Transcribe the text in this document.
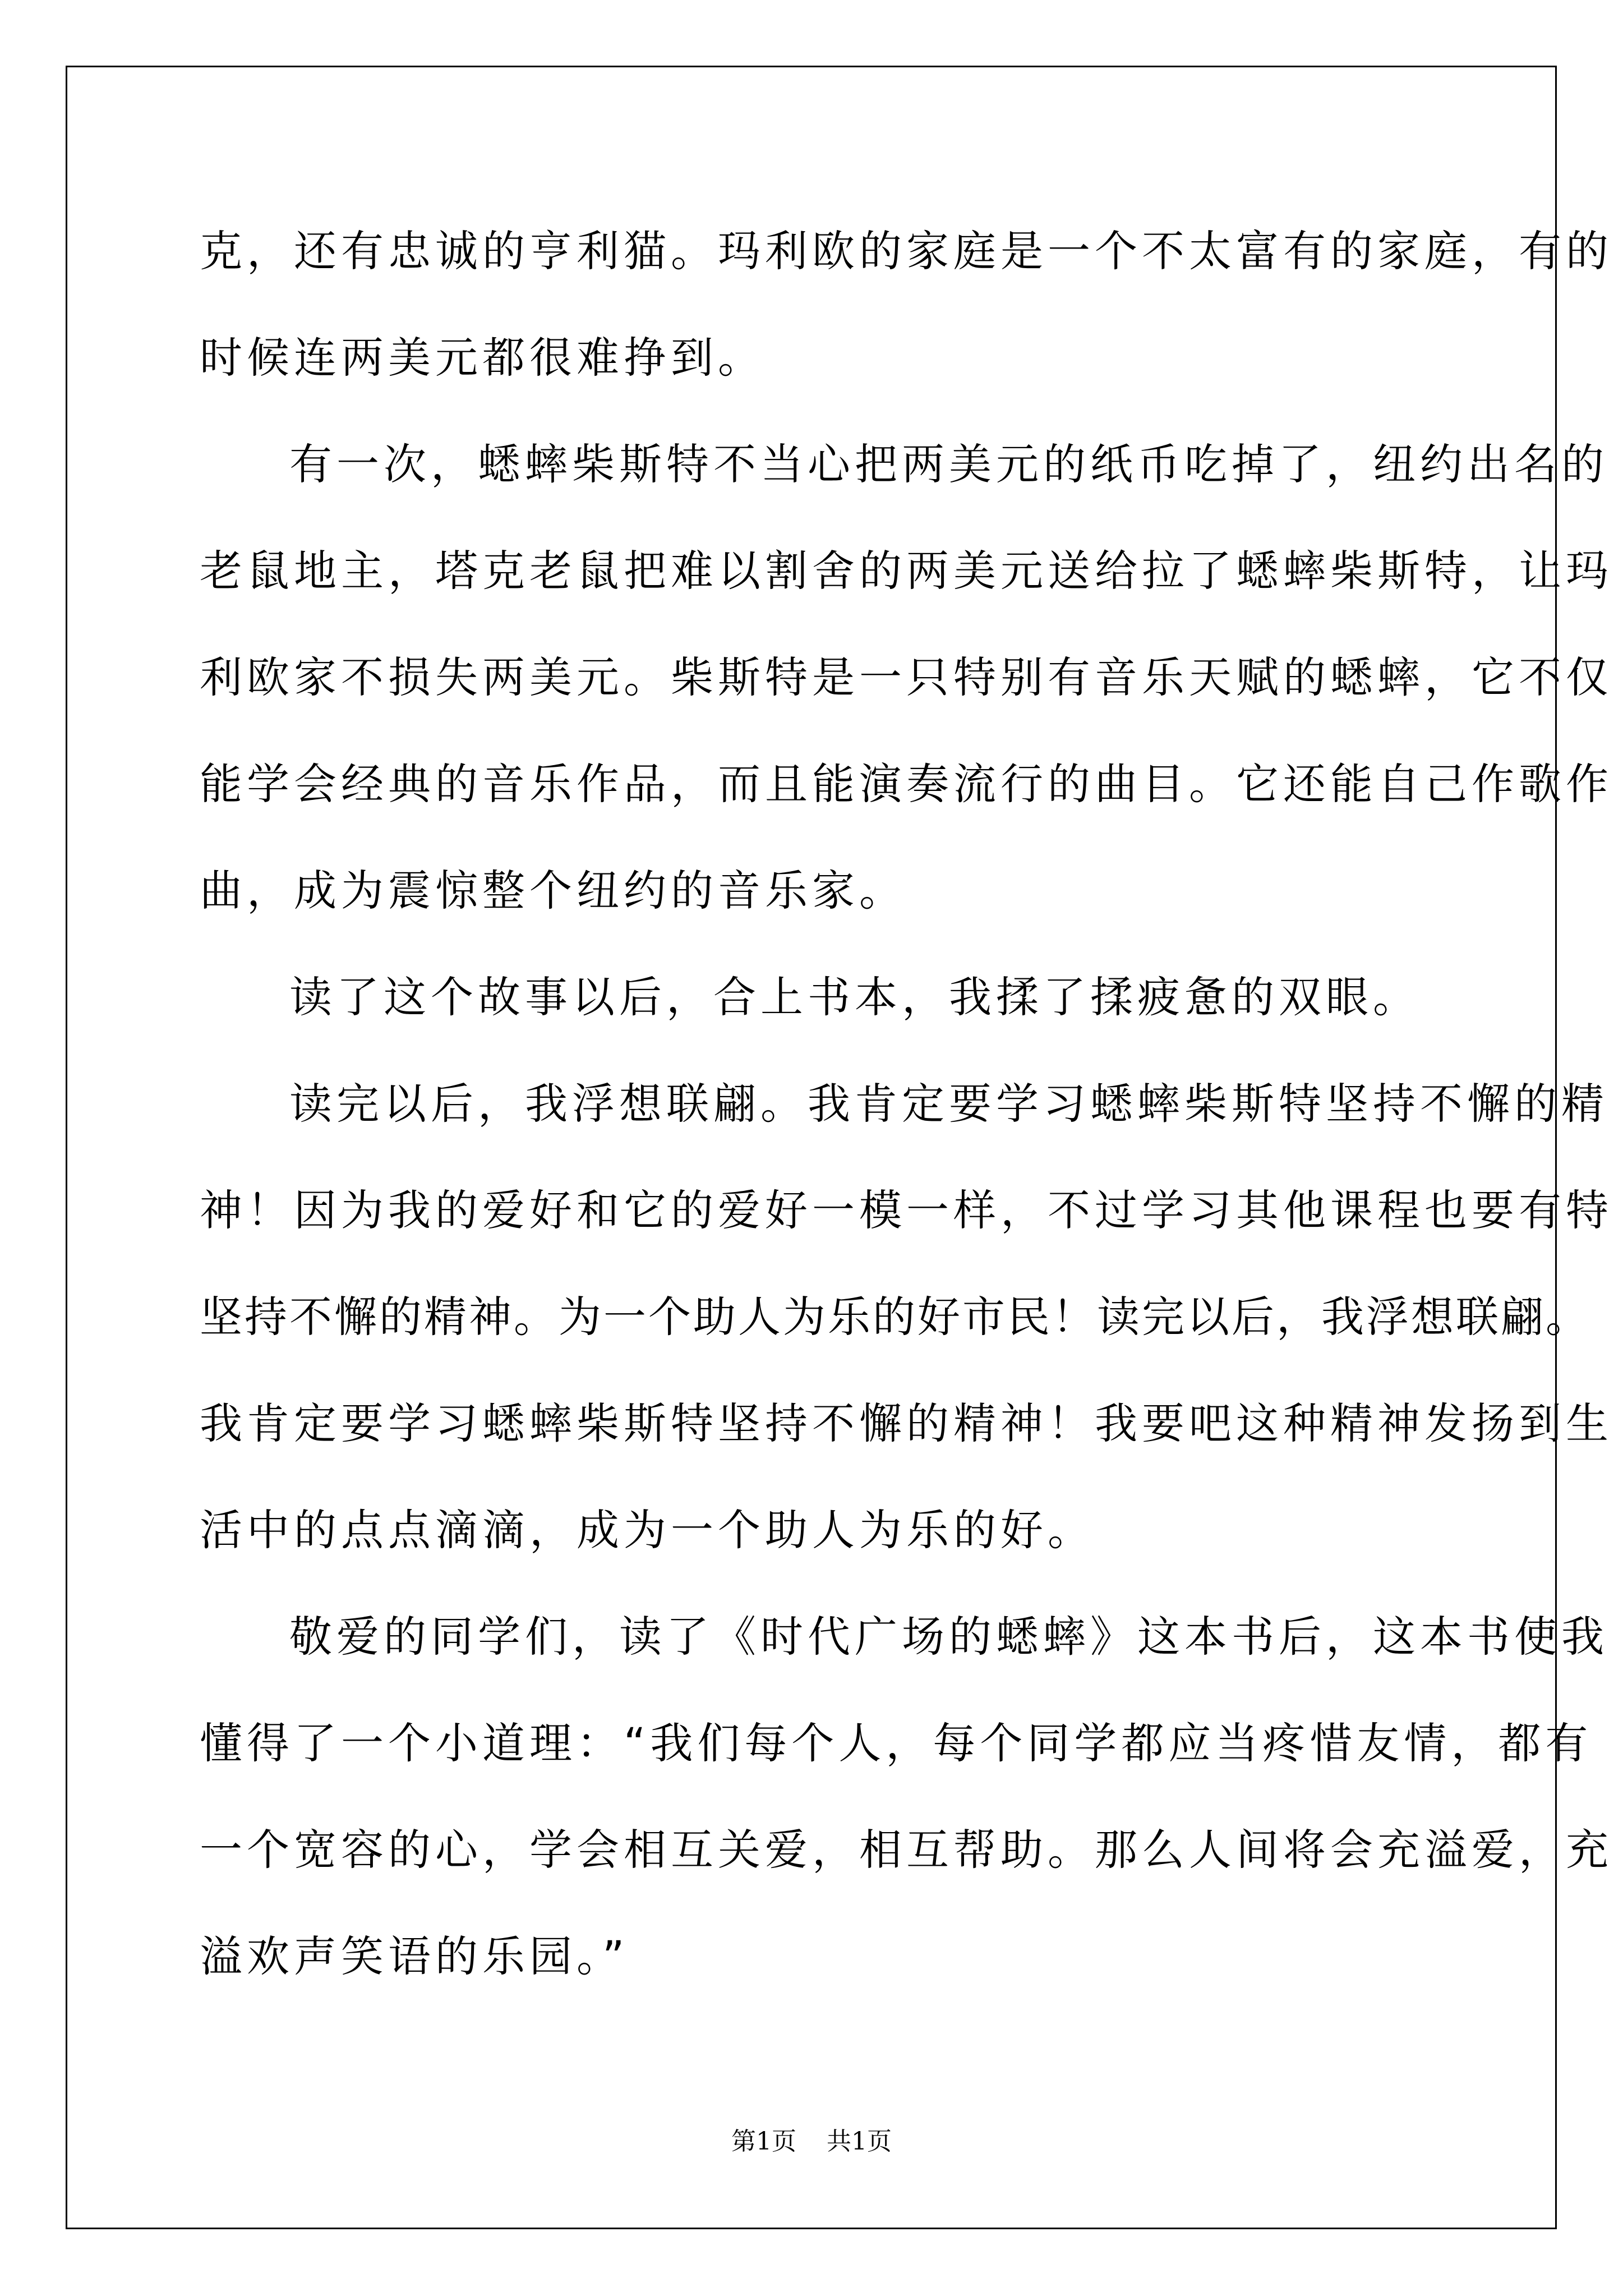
克，还有忠诚的亨利猫。玛利欧的家庭是一个不太富有的家庭，有的
时候连两美元都很难挣到。
有一次，蟋蟀柴斯特不当心把两美元的纸币吃掉了，纽约出名的
老鼠地主，塔克老鼠把难以割舍的两美元送给拉了蟋蟀柴斯特，让玛
利欧家不损失两美元。柴斯特是一只特别有音乐天赋的蟋蟀，它不仅
能学会经典的音乐作品，而且能演奏流行的曲目。它还能自己作歌作
曲，成为震惊整个纽约的音乐家。
读了这个故事以后，合上书本，我揉了揉疲惫的双眼。
读完以后，我浮想联翩。我肯定要学习蟋蟀柴斯特坚持不懈的精
神！因为我的爱好和它的爱好一模一样，不过学习其他课程也要有特
坚持不懈的精神。为一个助人为乐的好市民！读完以后，我浮想联翩。
我肯定要学习蟋蟀柴斯特坚持不懈的精神！我要吧这种精神发扬到生
活中的点点滴滴，成为一个助人为乐的好。
敬爱的同学们，读了《时代广场的蟋蟀》这本书后，这本书使我
懂得了一个小道理：“我们每个人，每个同学都应当疼惜友情，都有
一个宽容的心，学会相互关爱，相互帮助。那么人间将会充溢爱，充
溢欢声笑语的乐园。”
第1页 共1页
